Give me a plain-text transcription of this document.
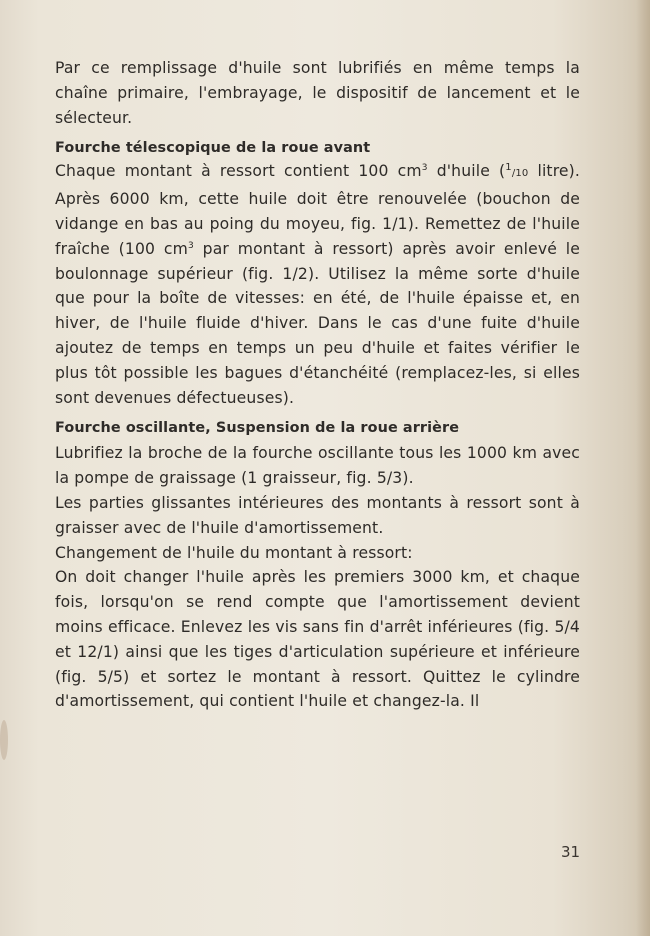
Par ce remplissage d'huile sont lubrifiés en même temps la chaîne primaire, l'embrayage, le dispositif de lancement et le sélecteur.

Fourche télescopique de la roue avant

Chaque montant à ressort contient 100 $cm^3$ d'huile ($^1$/10 litre). Après 6000 km, cette huile doit être renouvelée (bouchon de vidange en bas au poing du moyeu, fig. 1/1). Remettez de l'huile fraîche (100 $cm^3$ par montant à ressort) après avoir enlevé le boulonnage supérieur (fig. 1/2). Utilisez la même sorte d'huile que pour la boîte de vitesses: en été, de l'huile épaisse et, en hiver, de l'huile fluide d'hiver. Dans le cas d'une fuite d'huile ajoutez de temps en temps un peu d'huile et faites vérifier le plus tôt possible les bagues d'étanchéité (remplacez-les, si elles sont devenues défectueuses).

Fourche oscillante, Suspension de la roue arrière

Lubrifiez la broche de la fourche oscillante tous les 1000 km avec la pompe de graissage (1 graisseur, fig. 5/3).

Les parties glissantes intérieures des montants à ressort sont à graisser avec de l'huile d'amortissement.

Changement de l'huile du montant à ressort:

On doit changer l'huile après les premiers 3000 km, et chaque fois, lorsqu'on se rend compte que l'amortissement devient moins efficace. Enlevez les vis sans fin d'arrêt inférieures (fig. 5/4 et 12/1) ainsi que les tiges d'articulation supérieure et inférieure (fig. 5/5) et sortez le montant à ressort. Quittez le cylindre d'amortissement, qui contient l'huile et changez-la. Il

31
